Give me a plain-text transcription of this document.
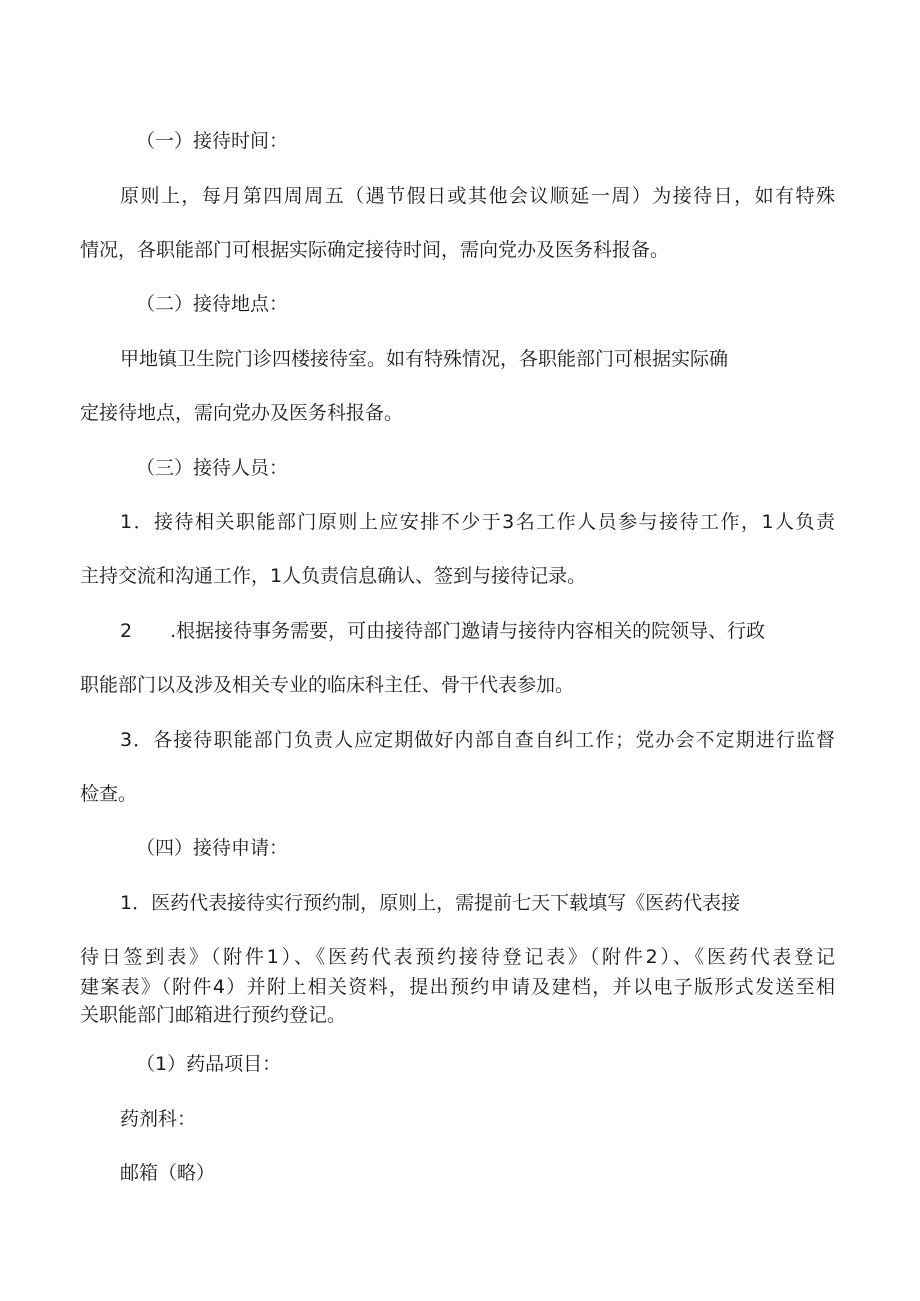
（一）接待时间：

原则上，每月第四周周五（遇节假日或其他会议顺延一周）为接待日，如有特殊

情况，各职能部门可根据实际确定接待时间，需向党办及医务科报备。

（二）接待地点：

甲地镇卫生院门诊四楼接待室。如有特殊情况，各职能部门可根据实际确

定接待地点，需向党办及医务科报备。

（三）接待人员：

1．接待相关职能部门原则上应安排不少于3名工作人员参与接待工作，1人负责

主持交流和沟通工作，1人负责信息确认、签到与接待记录。

2　　.根据接待事务需要，可由接待部门邀请与接待内容相关的院领导、行政

职能部门以及涉及相关专业的临床科主任、骨干代表参加。

3．各接待职能部门负责人应定期做好内部自查自纠工作；党办会不定期进行监督

检查。

（四）接待申请：

1．医药代表接待实行预约制，原则上，需提前七天下载填写《医药代表接

待日签到表》（附件1）、《医药代表预约接待登记表》（附件2）、《医药代表登记

建案表》（附件4）并附上相关资料，提出预约申请及建档，并以电子版形式发送至相

关职能部门邮箱进行预约登记。

（1）药品项目：

药剂科：

邮箱（略）
